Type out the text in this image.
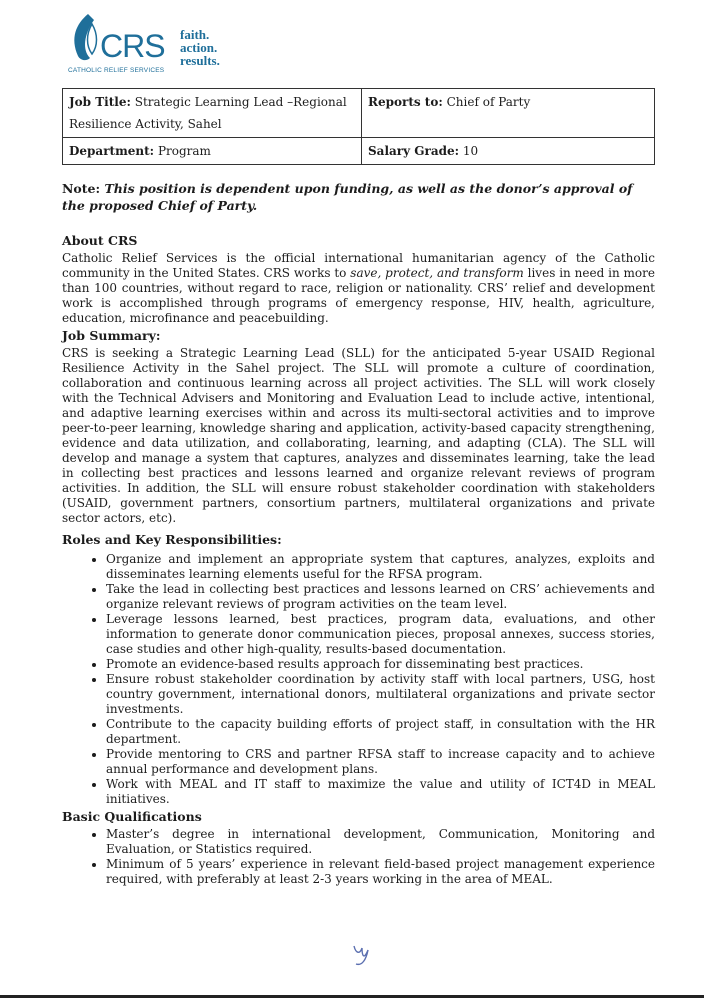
CRS faith.
action.
results.
CATHOLIC RELIEF SERVICES
Job Title: Strategic Learning Lead –Regional
Resilience Activity, Sahel	Reports to: Chief of Party
Department: Program	Salary Grade: 10
Note: This position is dependent upon funding, as well as the donor’s approval of the proposed Chief of Party.
About CRS

Catholic Relief Services is the official international humanitarian agency of the Catholic community in the United States. CRS works to save, protect, and transform lives in need in more than 100 countries, without regard to race, religion or nationality. CRS’ relief and development work is accomplished through programs of emergency response, HIV, health, agriculture, education, microfinance and peacebuilding.

Job Summary:

CRS is seeking a Strategic Learning Lead (SLL) for the anticipated 5-year USAID Regional Resilience Activity in the Sahel project. The SLL will promote a culture of coordination, collaboration and continuous learning across all project activities. The SLL will work closely with the Technical Advisers and Monitoring and Evaluation Lead to include active, intentional, and adaptive learning exercises within and across its multi-sectoral activities and to improve peer-to-peer learning, knowledge sharing and application, activity-based capacity strengthening, evidence and data utilization, and collaborating, learning, and adapting (CLA). The SLL will develop and manage a system that captures, analyzes and disseminates learning, take the lead in collecting best practices and lessons learned and organize relevant reviews of program activities. In addition, the SLL will ensure robust stakeholder coordination with stakeholders (USAID, government partners, consortium partners, multilateral organizations and private sector actors, etc).

Roles and Key Responsibilities:
• Organize and implement an appropriate system that captures, analyzes, exploits and disseminates learning elements useful for the RFSA program.
• Take the lead in collecting best practices and lessons learned on CRS’ achievements and organize relevant reviews of program activities on the team level.
• Leverage lessons learned, best practices, program data, evaluations, and other information to generate donor communication pieces, proposal annexes, success stories, case studies and other high-quality, results-based documentation.
• Promote an evidence-based results approach for disseminating best practices.
• Ensure robust stakeholder coordination by activity staff with local partners, USG, host country government, international donors, multilateral organizations and private sector investments.
• Contribute to the capacity building efforts of project staff, in consultation with the HR department.
• Provide mentoring to CRS and partner RFSA staff to increase capacity and to achieve annual performance and development plans.
• Work with MEAL and IT staff to maximize the value and utility of ICT4D in MEAL initiatives.
Basic Qualifications
• Master’s degree in international development, Communication, Monitoring and Evaluation, or Statistics required.
• Minimum of 5 years’ experience in relevant field-based project management experience required, with preferably at least 2-3 years working in the area of MEAL.
